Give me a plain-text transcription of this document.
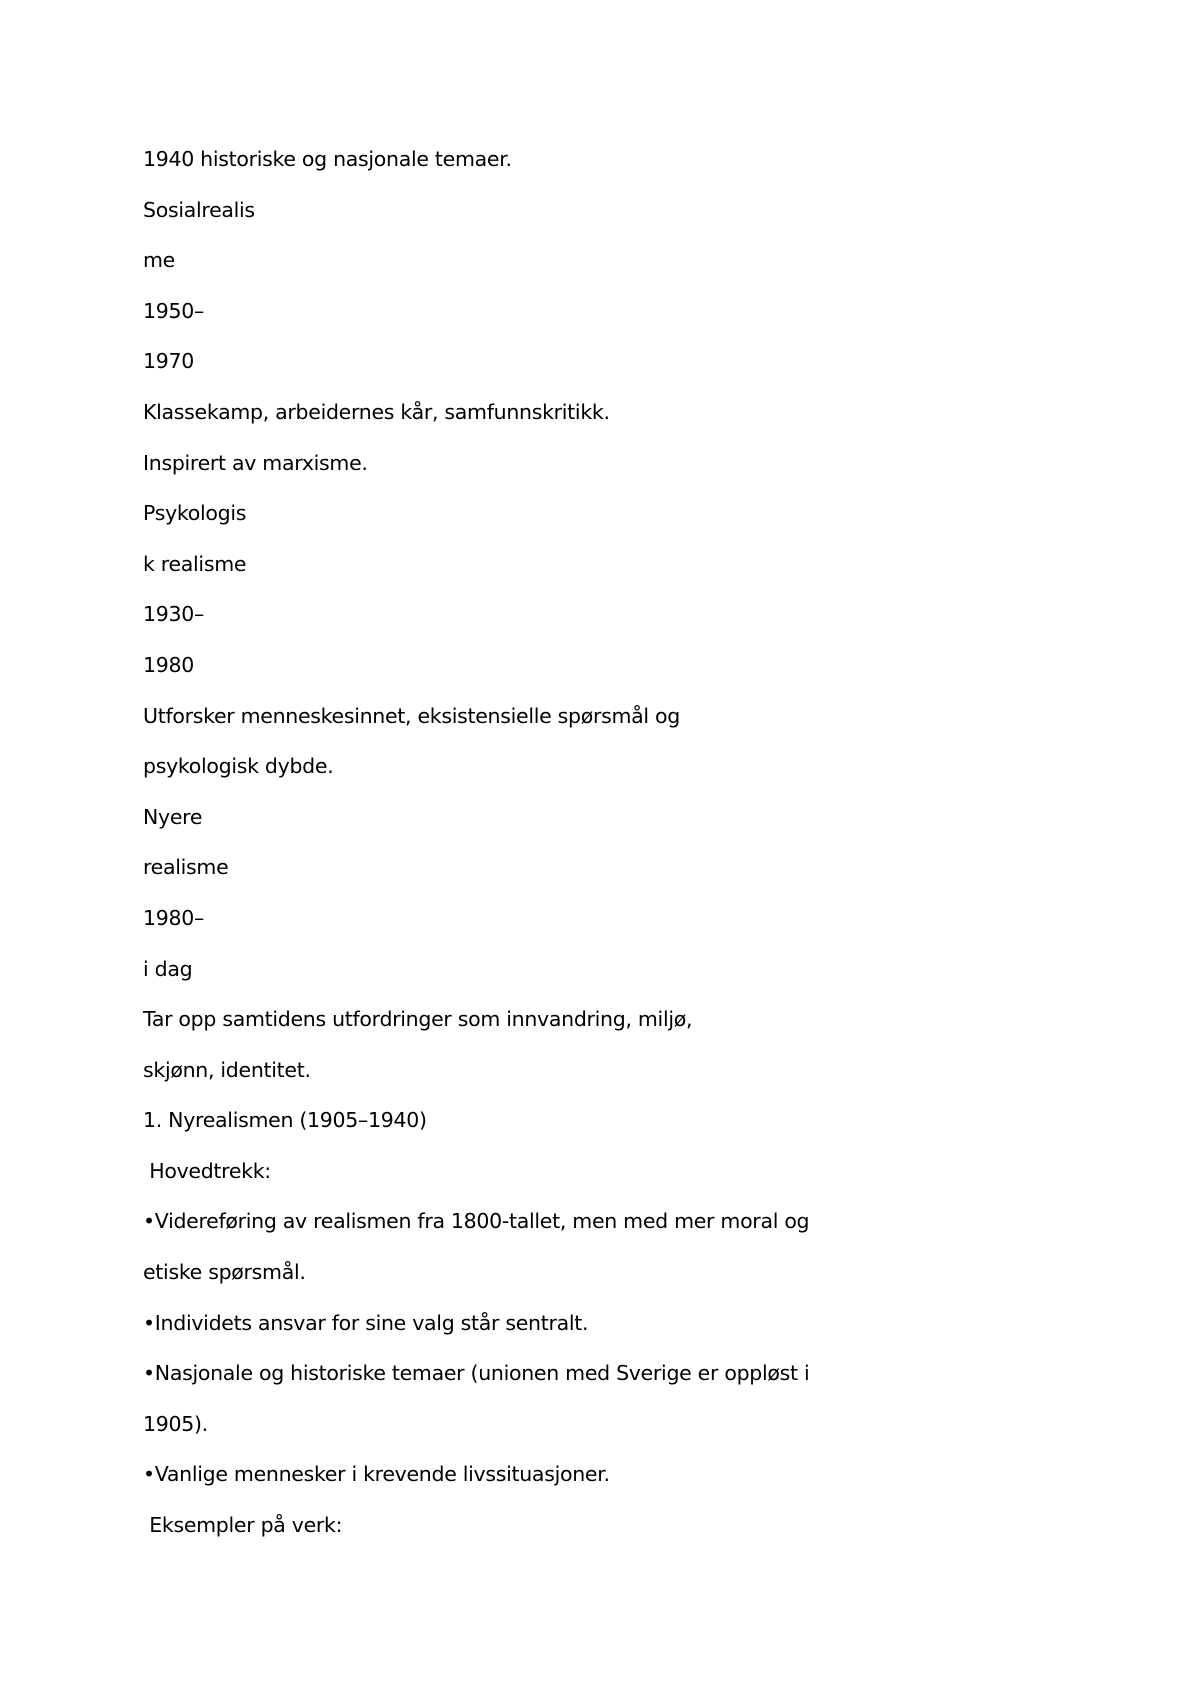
1940 historiske og nasjonale temaer.
Sosialrealis
me
1950–
1970
Klassekamp, arbeidernes kår, samfunnskritikk.
Inspirert av marxisme.
Psykologis
k realisme
1930–
1980
Utforsker menneskesinnet, eksistensielle spørsmål og
psykologisk dybde.
Nyere
realisme
1980–
i dag
Tar opp samtidens utfordringer som innvandring, miljø,
skjønn, identitet.
1. Nyrealismen (1905–1940)
Hovedtrekk:
•Videreføring av realismen fra 1800-tallet, men med mer moral og
etiske spørsmål.
•Individets ansvar for sine valg står sentralt.
•Nasjonale og historiske temaer (unionen med Sverige er oppløst i
1905).
•Vanlige mennesker i krevende livssituasjoner.
Eksempler på verk:
